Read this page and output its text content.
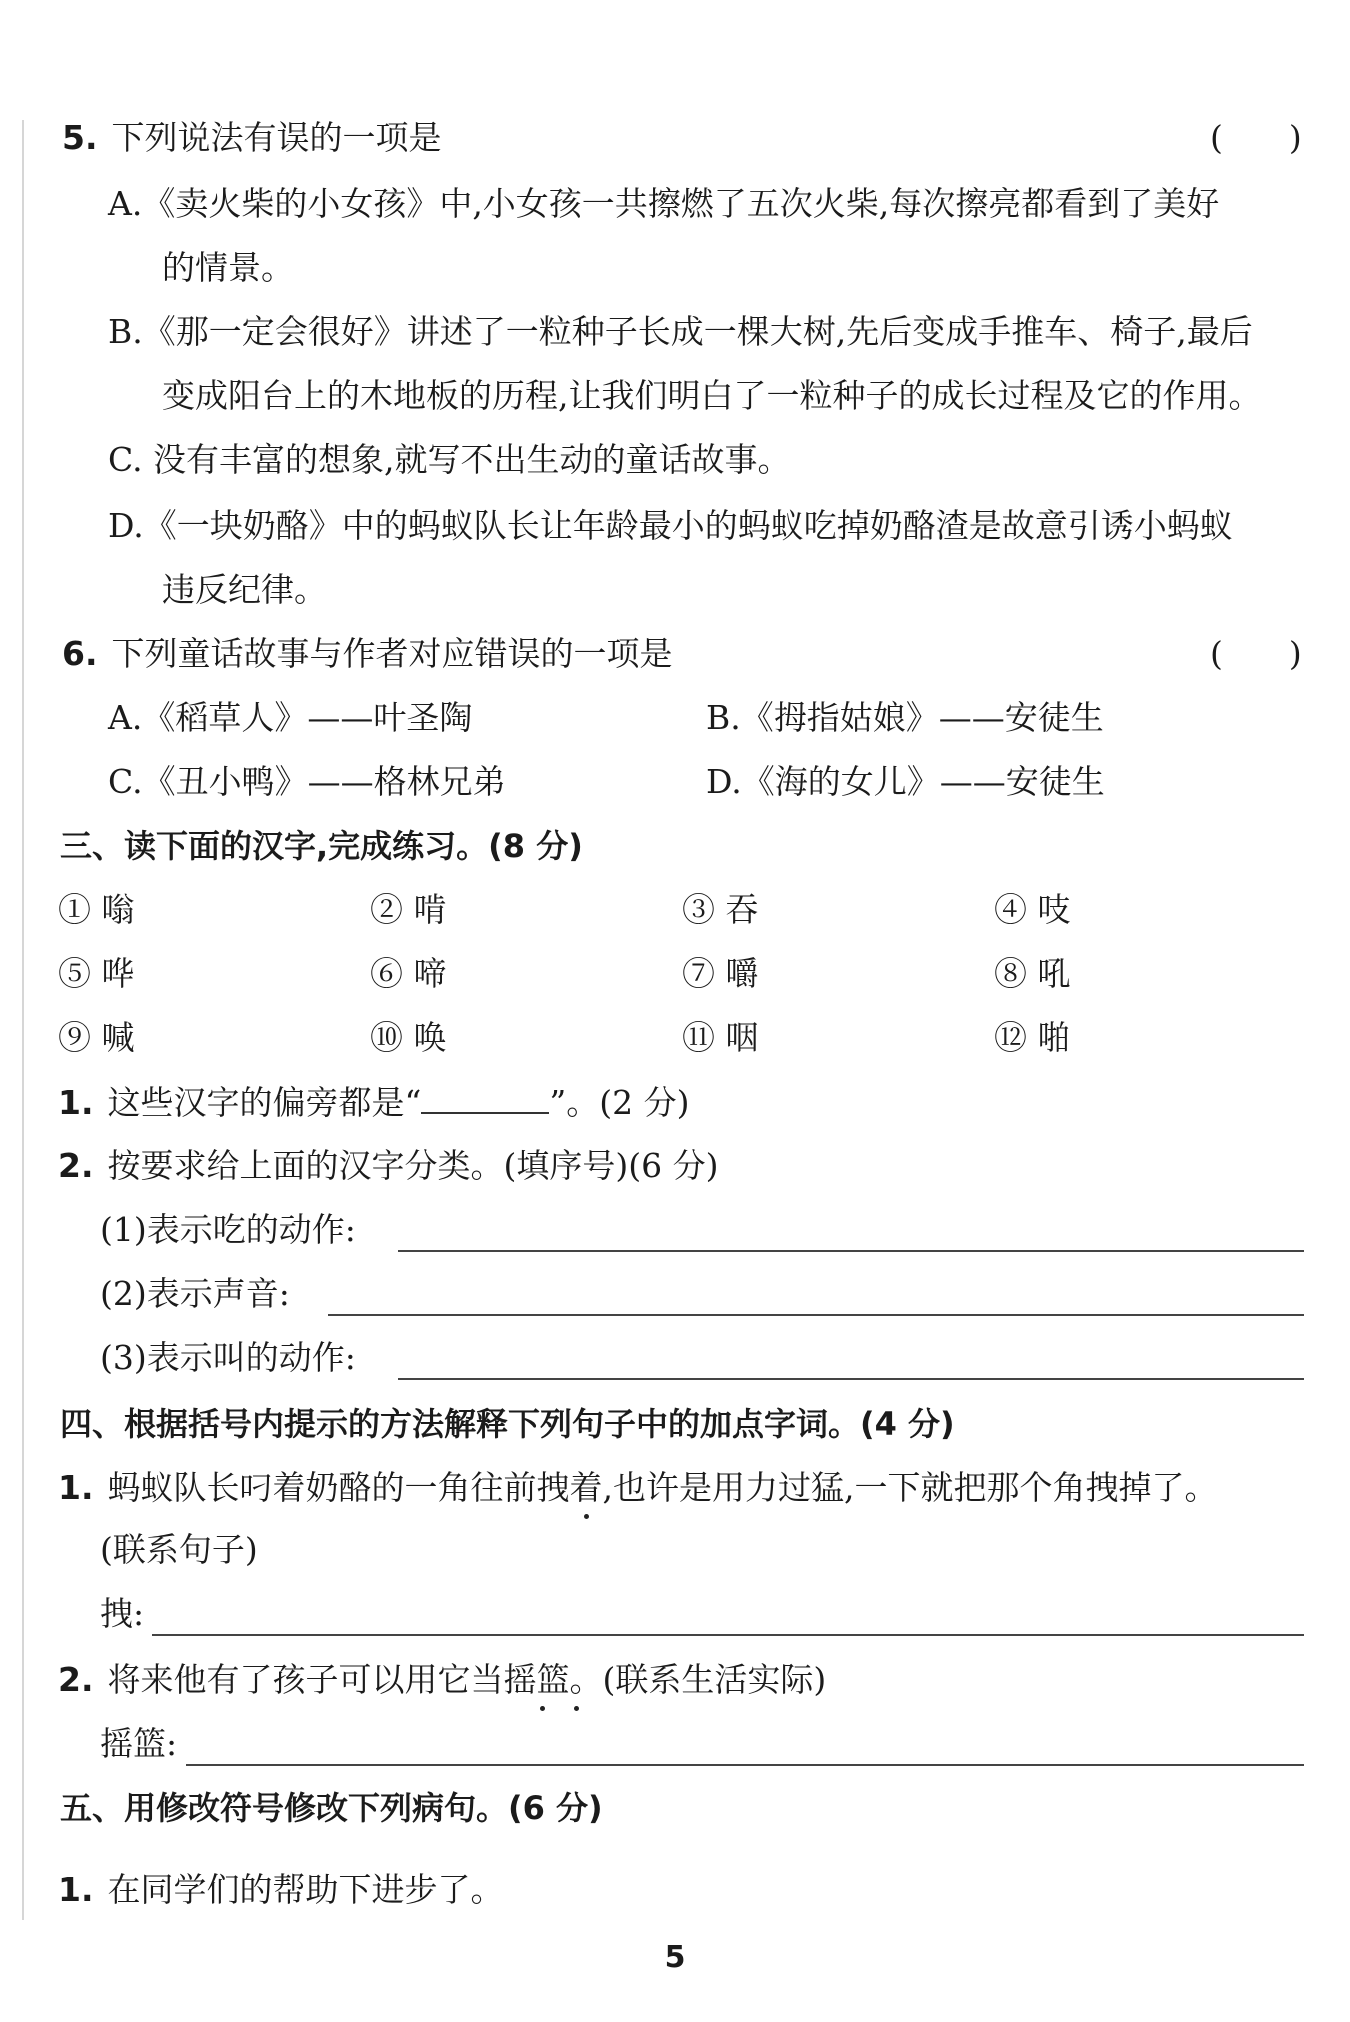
5. 下列说法有误的一项是	(　　)
A.《卖火柴的小女孩》中,小女孩一共擦燃了五次火柴,每次擦亮都看到了美好
的情景。
B.《那一定会很好》讲述了一粒种子长成一棵大树,先后变成手推车、椅子,最后
变成阳台上的木地板的历程,让我们明白了一粒种子的成长过程及它的作用。
C. 没有丰富的想象,就写不出生动的童话故事。
D.《一块奶酪》中的蚂蚁队长让年龄最小的蚂蚁吃掉奶酪渣是故意引诱小蚂蚁
违反纪律。
6. 下列童话故事与作者对应错误的一项是	(　　)
A.《稻草人》——叶圣陶	B.《拇指姑娘》——安徒生
C.《丑小鸭》——格林兄弟	D.《海的女儿》——安徒生
三、读下面的汉字,完成练习。(8 分)
① 嗡	② 啃	③ 吞	④ 吱
⑤ 哗	⑥ 啼	⑦ 嚼	⑧ 吼
⑨ 喊	⑩ 唤	⑪ 咽	⑫ 啪
1. 这些汉字的偏旁都是“	”。(2 分)
2. 按要求给上面的汉字分类。(填序号)(6 分)
(1)表示吃的动作:
(2)表示声音:
(3)表示叫的动作:
四、根据括号内提示的方法解释下列句子中的加点字词。(4 分)
1. 蚂蚁队长叼着奶酪的一角往前拽着,也许是用力过猛,一下就把那个角拽掉了。
(联系句子)
拽:
2. 将来他有了孩子可以用它当摇篮。(联系生活实际)
摇篮:
五、用修改符号修改下列病句。(6 分)
1. 在同学们的帮助下进步了。
5
